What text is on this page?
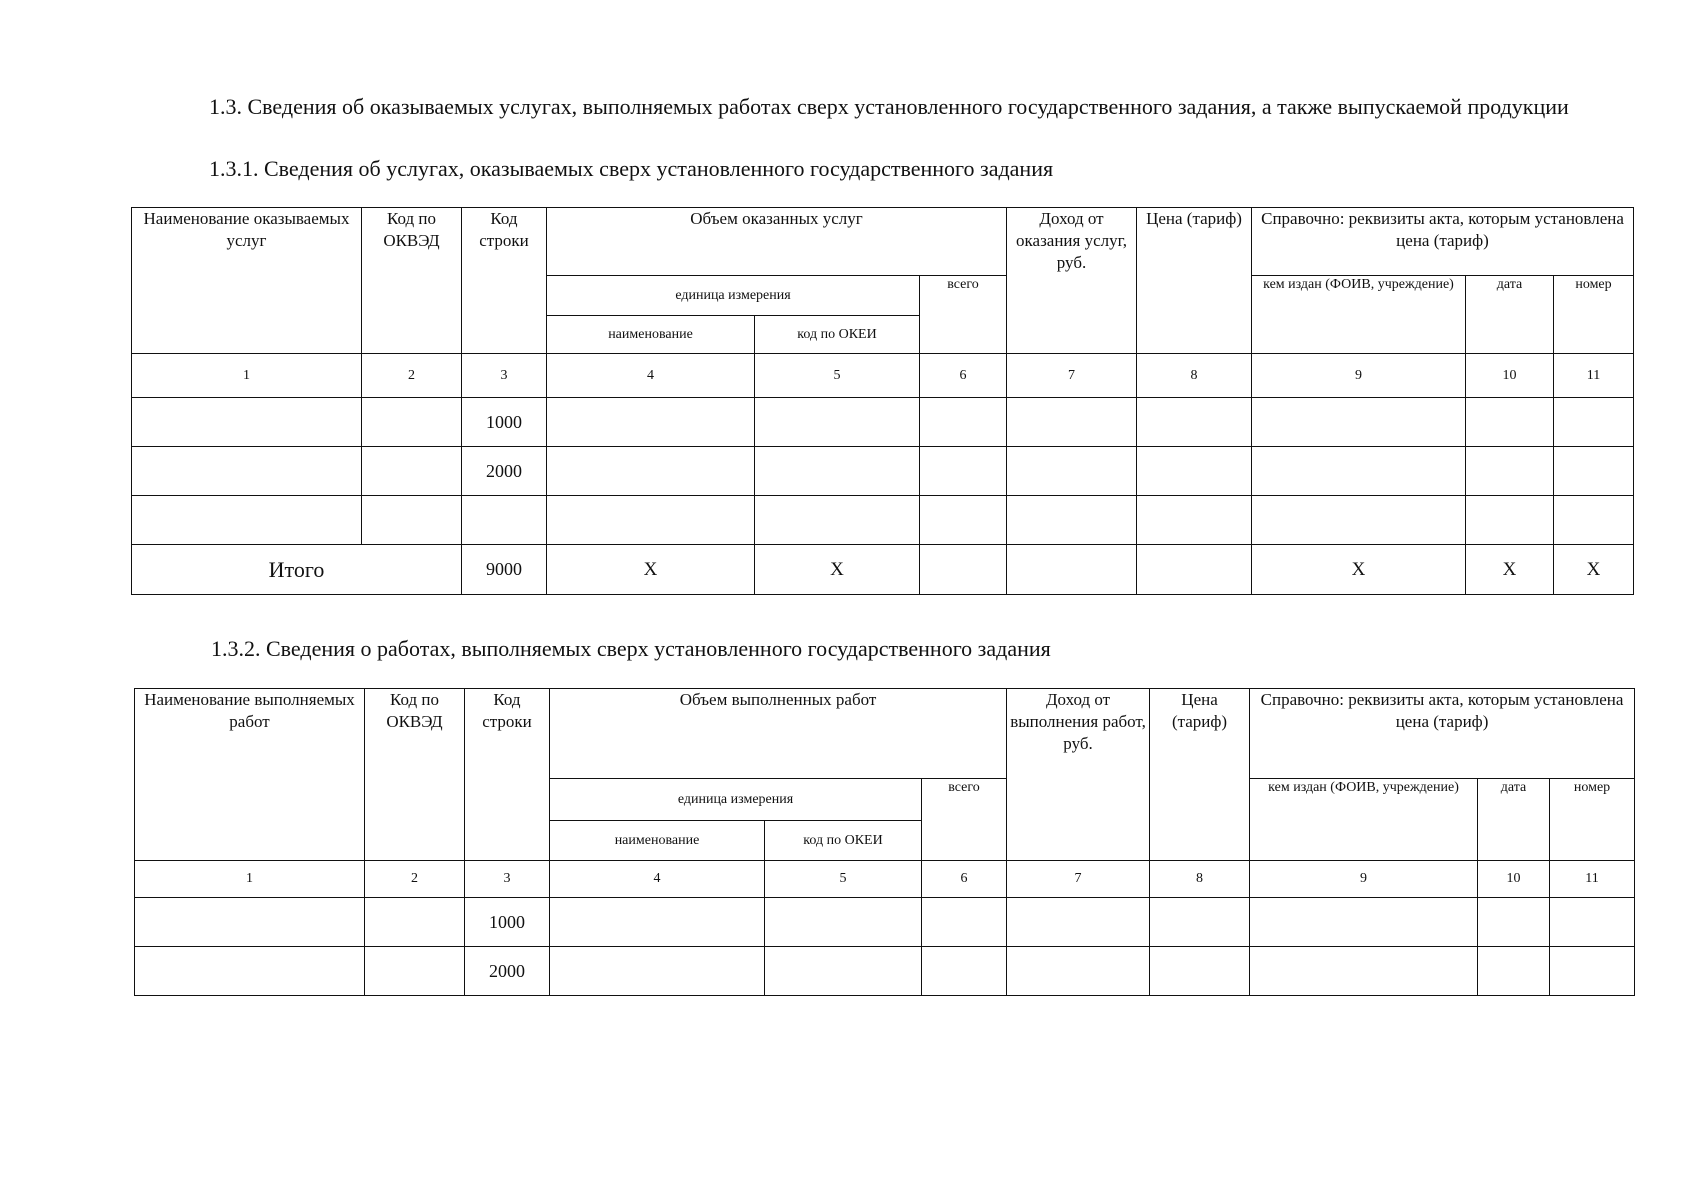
1.3. Сведения об оказываемых услугах, выполняемых работах сверх установленного государственного задания, а также выпускаемой продукции

1.3.1. Сведения об услугах, оказываемых сверх установленного государственного задания

Наименование оказываемых услуг	Код по ОКВЭД	Код строки	Объем оказанных услуг			Доход от оказания услуг, руб.	Цена (тариф)	Справочно: реквизиты акта, которым установлена цена (тариф)		
			единица измерения		всего			кем издан (ФОИВ, учреждение)	дата	номер
			наименование	код по ОКЕИ						
1	2	3	4	5	6	7	8	9	10	11
		1000								
		2000								

Итого		9000	X	X				X	X	X

1.3.2. Сведения о работах, выполняемых сверх установленного государственного задания

Наименование выполняемых работ	Код по ОКВЭД	Код строки	Объем выполненных работ			Доход от выполнения работ, руб.	Цена (тариф)	Справочно: реквизиты акта, которым установлена цена (тариф)		
			единица измерения		всего			кем издан (ФОИВ, учреждение)	дата	номер
			наименование	код по ОКЕИ						
1	2	3	4	5	6	7	8	9	10	11
		1000								
		2000								
